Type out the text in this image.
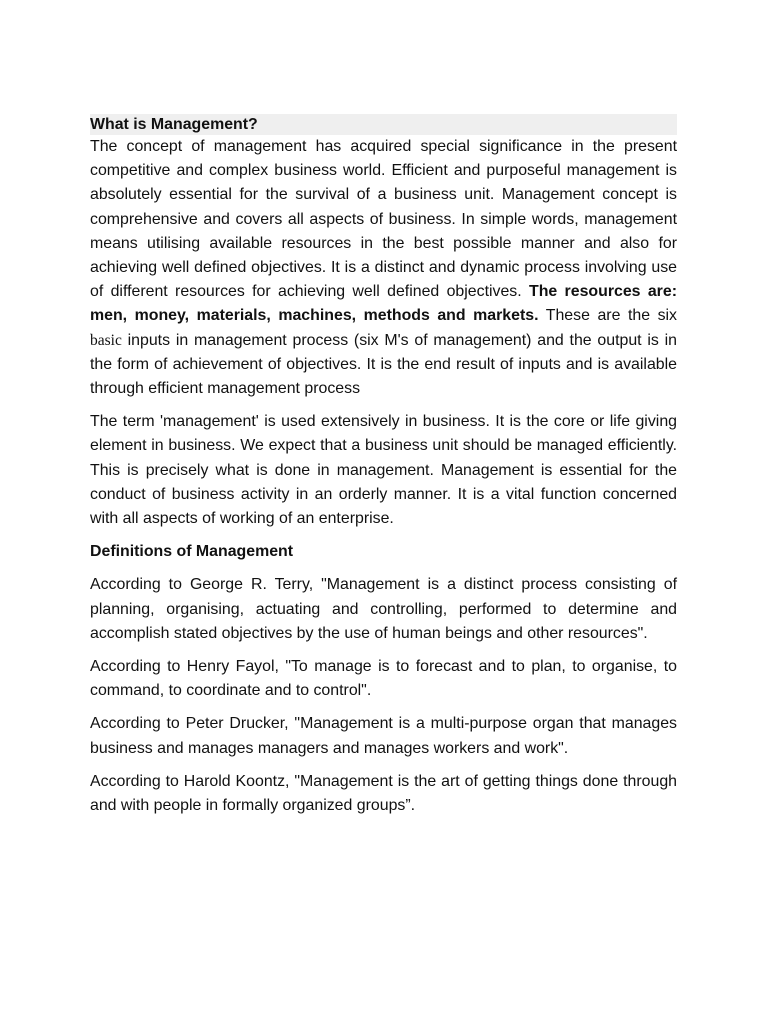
What is Management?

The concept of management has acquired special significance in the present competitive and complex business world. Efficient and purposeful management is absolutely essential for the survival of a business unit. Management concept is comprehensive and covers all aspects of business. In simple words, management means utilising available resources in the best possible manner and also for achieving well defined objectives. It is a distinct and dynamic process involving use of different resources for achieving well defined objectives. The resources are: men, money, materials, machines, methods and markets. These are the six basic inputs in management process (six M's of management) and the output is in the form of achievement of objectives. It is the end result of inputs and is available through efficient management process

The term 'management' is used extensively in business. It is the core or life giving element in business. We expect that a business unit should be managed efficiently. This is precisely what is done in management. Management is essential for the conduct of business activity in an orderly manner. It is a vital function concerned with all aspects of working of an enterprise.

Definitions of Management

According to George R. Terry, "Management is a distinct process consisting of planning, organising, actuating and controlling, performed to determine and accomplish stated objectives by the use of human beings and other resources".

According to Henry Fayol, "To manage is to forecast and to plan, to organise, to command, to coordinate and to control".

According to Peter Drucker, "Management is a multi-purpose organ that manages business and manages managers and manages workers and work".

According to Harold Koontz, "Management is the art of getting things done through and with people in formally organized groups”.
